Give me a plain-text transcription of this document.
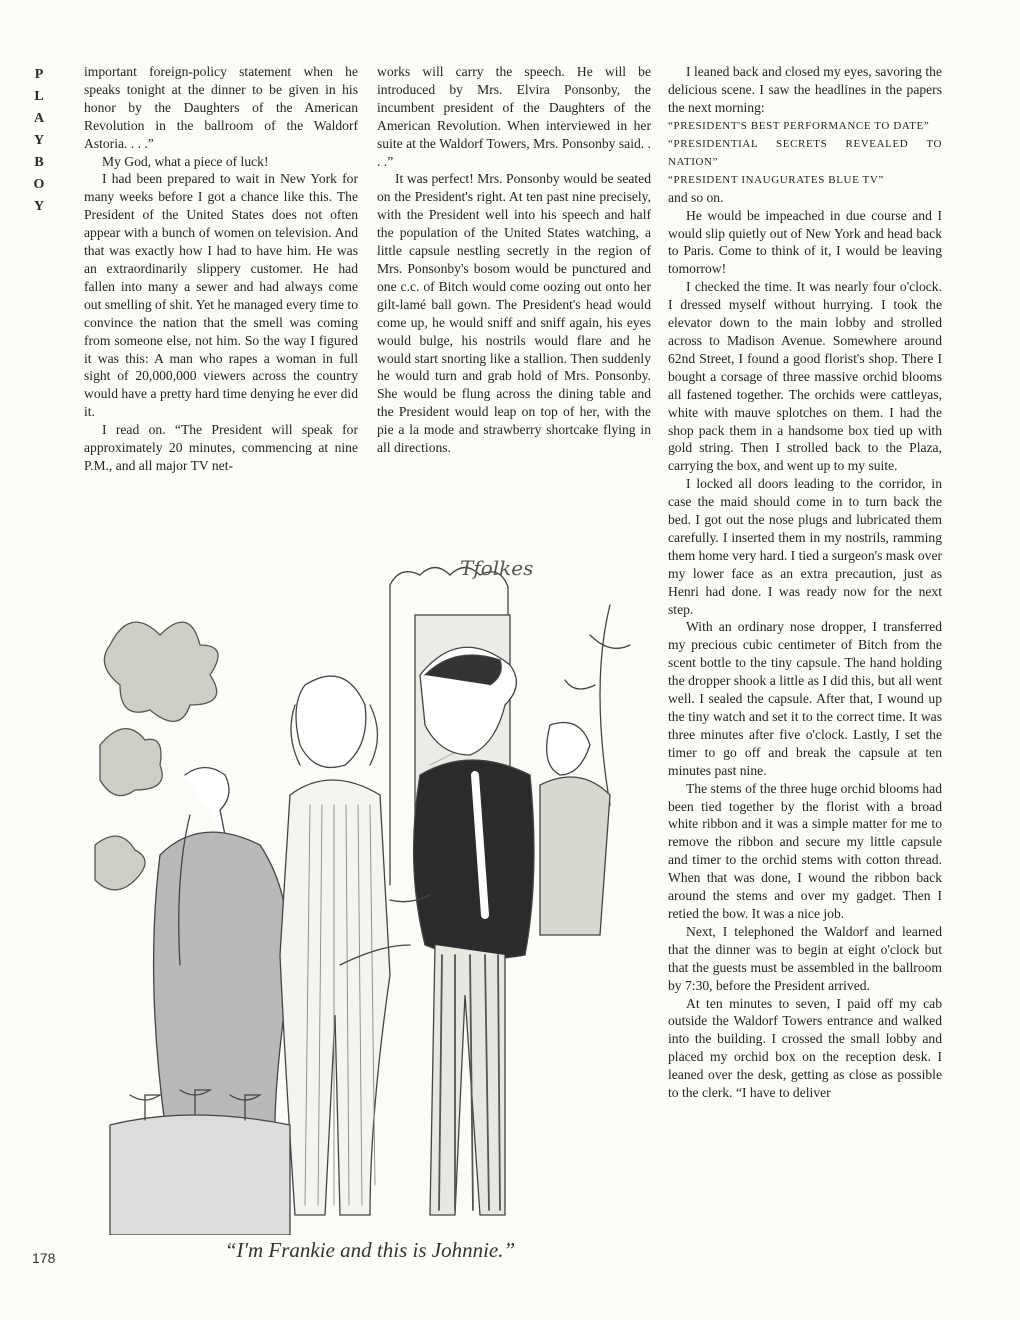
P
L
A
Y
B
O
Y

important foreign-policy statement when he speaks tonight at the dinner to be given in his honor by the Daughters of the American Revolution in the ballroom of the Waldorf Astoria. . . .”

My God, what a piece of luck!

I had been prepared to wait in New York for many weeks before I got a chance like this. The President of the United States does not often appear with a bunch of women on television. And that was exactly how I had to have him. He was an extraordinarily slippery customer. He had fallen into many a sewer and had always come out smelling of shit. Yet he managed every time to convince the nation that the smell was coming from someone else, not him. So the way I figured it was this: A man who rapes a woman in full sight of 20,000,000 viewers across the country would have a pretty hard time denying he ever did it.

I read on. “The President will speak for approximately 20 minutes, commencing at nine P.M., and all major TV net-

works will carry the speech. He will be introduced by Mrs. Elvira Ponsonby, the incumbent president of the Daughters of the American Revolution. When interviewed in her suite at the Waldorf Towers, Mrs. Ponsonby said. . . .”

It was perfect! Mrs. Ponsonby would be seated on the President's right. At ten past nine precisely, with the President well into his speech and half the population of the United States watching, a little capsule nestling secretly in the region of Mrs. Ponsonby's bosom would be punctured and one c.c. of Bitch would come oozing out onto her gilt-lamé ball gown. The President's head would come up, he would sniff and sniff again, his eyes would bulge, his nostrils would flare and he would start snorting like a stallion. Then suddenly he would turn and grab hold of Mrs. Ponsonby. She would be flung across the dining table and the President would leap on top of her, with the pie a la mode and strawberry shortcake flying in all directions.

I leaned back and closed my eyes, savoring the delicious scene. I saw the headlines in the papers the next morning:

“PRESIDENT'S BEST PERFORMANCE TO DATE”

“PRESIDENTIAL SECRETS REVEALED TO NATION”

“PRESIDENT INAUGURATES BLUE TV”

and so on.

He would be impeached in due course and I would slip quietly out of New York and head back to Paris. Come to think of it, I would be leaving tomorrow!

I checked the time. It was nearly four o'clock. I dressed myself without hurrying. I took the elevator down to the main lobby and strolled across to Madison Avenue. Somewhere around 62nd Street, I found a good florist's shop. There I bought a corsage of three massive orchid blooms all fastened together. The orchids were cattleyas, white with mauve splotches on them. I had the shop pack them in a handsome box tied up with gold string. Then I strolled back to the Plaza, carrying the box, and went up to my suite.

I locked all doors leading to the corridor, in case the maid should come in to turn back the bed. I got out the nose plugs and lubricated them carefully. I inserted them in my nostrils, ramming them home very hard. I tied a surgeon's mask over my lower face as an extra precaution, just as Henri had done. I was ready now for the next step.

With an ordinary nose dropper, I transferred my precious cubic centimeter of Bitch from the scent bottle to the tiny capsule. The hand holding the dropper shook a little as I did this, but all went well. I sealed the capsule. After that, I wound up the tiny watch and set it to the correct time. It was three minutes after five o'clock. Lastly, I set the timer to go off and break the capsule at ten minutes past nine.

The stems of the three huge orchid blooms had been tied together by the florist with a broad white ribbon and it was a simple matter for me to remove the ribbon and secure my little capsule and timer to the orchid stems with cotton thread. When that was done, I wound the ribbon back around the stems and over my gadget. Then I retied the bow. It was a nice job.

Next, I telephoned the Waldorf and learned that the dinner was to begin at eight o'clock but that the guests must be assembled in the ballroom by 7:30, before the President arrived.

At ten minutes to seven, I paid off my cab outside the Waldorf Towers entrance and walked into the building. I crossed the small lobby and placed my orchid box on the reception desk. I leaned over the desk, getting as close as possible to the clerk. “I have to deliver

Tfolkes
“I'm Frankie and this is Johnnie.”
178
